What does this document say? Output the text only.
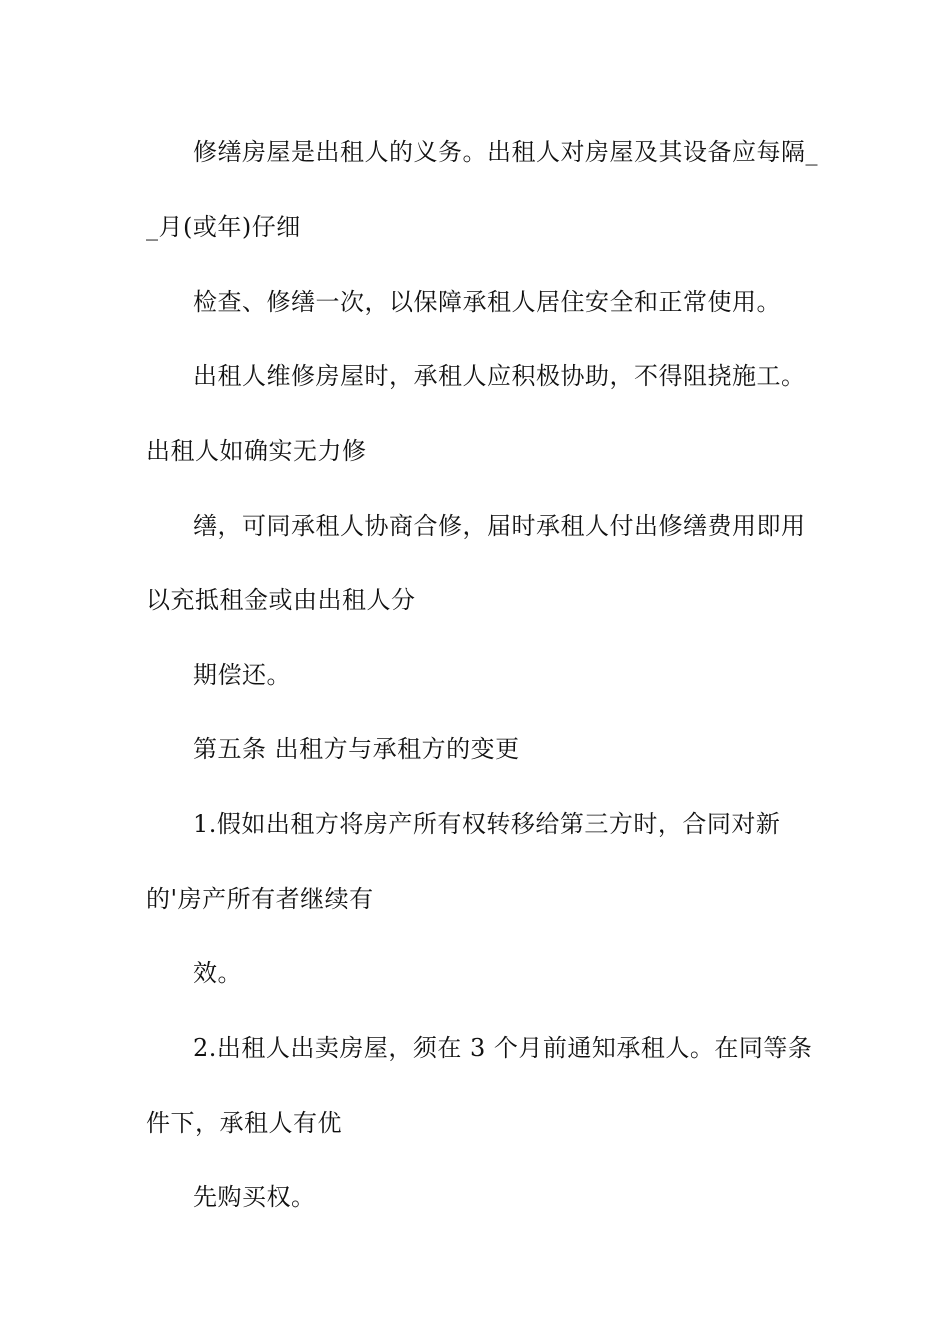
修缮房屋是出租人的义务。出租人对房屋及其设备应每隔_
_月(或年)仔细
检查、修缮一次，以保障承租人居住安全和正常使用。
出租人维修房屋时，承租人应积极协助，不得阻挠施工。
出租人如确实无力修
缮，可同承租人协商合修，届时承租人付出修缮费用即用
以充抵租金或由出租人分
期偿还。
第五条 出租方与承租方的变更
1.假如出租方将房产所有权转移给第三方时，合同对新
的'房产所有者继续有
效。
2.出租人出卖房屋，须在 3 个月前通知承租人。在同等条
件下，承租人有优
先购买权。
